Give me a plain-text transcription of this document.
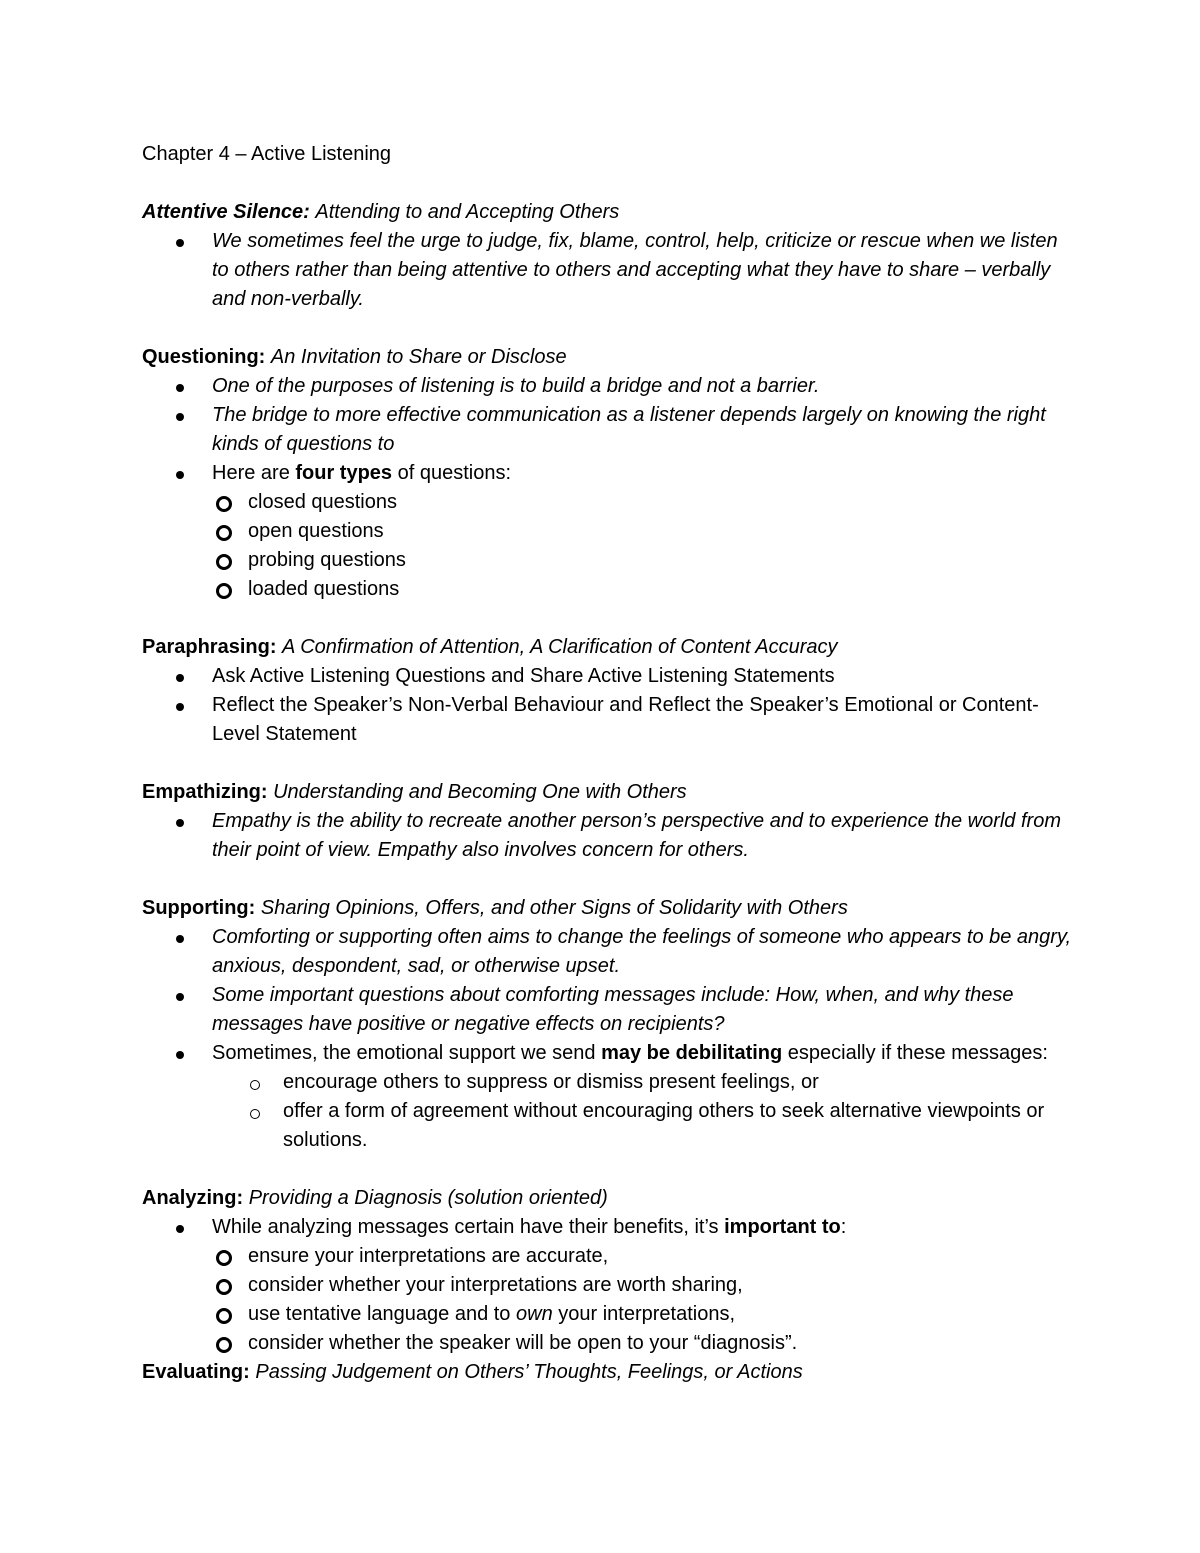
Chapter 4 – Active Listening
Attentive Silence: Attending to and Accepting Others
We sometimes feel the urge to judge, fix, blame, control, help, criticize or rescue when we listen to others rather than being attentive to others and accepting what they have to share – verbally and non-verbally.
Questioning: An Invitation to Share or Disclose
One of the purposes of listening is to build a bridge and not a barrier.
The bridge to more effective communication as a listener depends largely on knowing the right kinds of questions to
Here are four types of questions:
closed questions
open questions
probing questions
loaded questions
Paraphrasing: A Confirmation of Attention, A Clarification of Content Accuracy
Ask Active Listening Questions and Share Active Listening Statements
Reflect the Speaker’s Non-Verbal Behaviour and Reflect the Speaker’s Emotional or Content-Level Statement
Empathizing: Understanding and Becoming One with Others
Empathy is the ability to recreate another person’s perspective and to experience the world from their point of view. Empathy also involves concern for others.
Supporting: Sharing Opinions, Offers, and other Signs of Solidarity with Others
Comforting or supporting often aims to change the feelings of someone who appears to be angry, anxious, despondent, sad, or otherwise upset.
Some important questions about comforting messages include: How, when, and why these messages have positive or negative effects on recipients?
Sometimes, the emotional support we send may be debilitating especially if these messages:
encourage others to suppress or dismiss present feelings, or
offer a form of agreement without encouraging others to seek alternative viewpoints or solutions.
Analyzing: Providing a Diagnosis (solution oriented)
While analyzing messages certain have their benefits, it’s important to:
ensure your interpretations are accurate,
consider whether your interpretations are worth sharing,
use tentative language and to own your interpretations,
consider whether the speaker will be open to your “diagnosis”.
Evaluating: Passing Judgement on Others’ Thoughts, Feelings, or Actions
